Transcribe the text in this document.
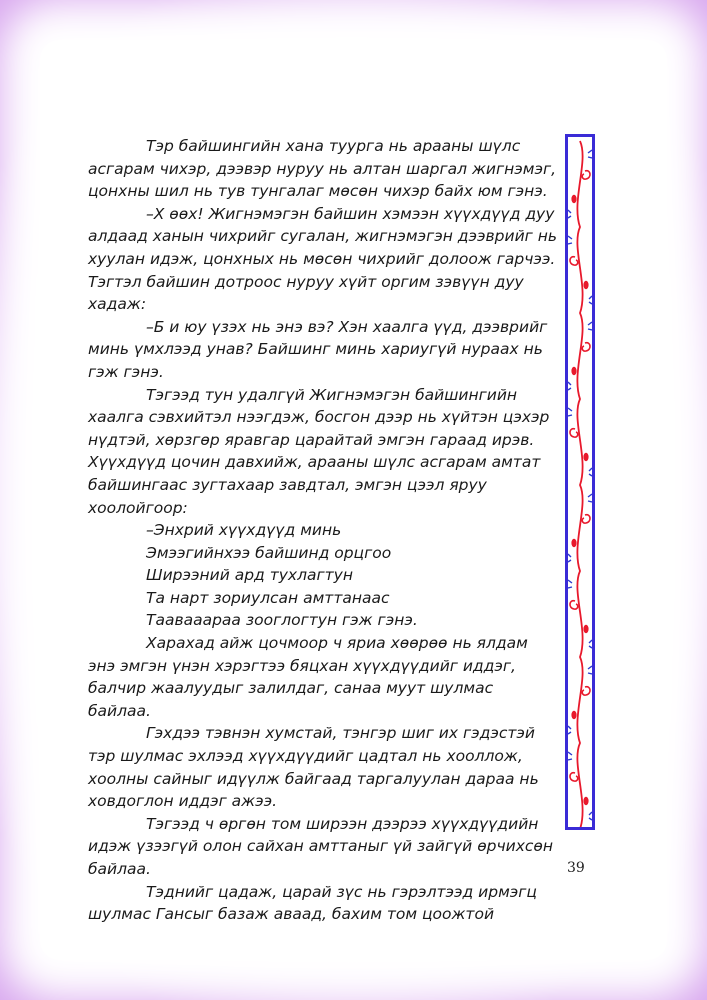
Тэр байшингийн хана туурга нь арааны шүлс
асгарам чихэр, дээвэр нуруу нь алтан шаргал жигнэмэг,
цонхны шил нь тув тунгалаг мөсөн чихэр байх юм гэнэ.
–Х өөх! Жигнэмэгэн байшин хэмээн хүүхдүүд дуу
алдаад ханын чихрийг сугалан, жигнэмэгэн дээврийг нь
хуулан идэж, цонхных нь мөсөн чихрийг долоож гарчээ.
Тэгтэл байшин дотроос нуруу хүйт оргим зэвүүн дуу
хадаж:
–Б и юу үзэх нь энэ вэ? Хэн хаалга үүд, дээврийг
минь үмхлээд унав? Байшинг минь хариугүй нураах нь
гэж гэнэ.
Тэгээд тун удалгүй Жигнэмэгэн байшингийн
хаалга сэвхийтэл нээгдэж, босгон дээр нь хүйтэн цэхэр
нүдтэй, хөрзгөр яравгар царайтай эмгэн гараад ирэв.
Хүүхдүүд цочин давхийж, арааны шүлс асгарам амтат
байшингаас зугтахаар завдтал, эмгэн цээл яруу
хоолойгоор:
–Энхрий хүүхдүүд минь
Эмээгийнхээ байшинд орцгоо
Ширээний ард тухлагтун
Та нарт зориулсан амттанаас
Таавааараа зооглогтун гэж гэнэ.
Харахад айж цочмоор ч яриа хөөрөө нь ялдам
энэ эмгэн үнэн хэрэгтээ бяцхан хүүхдүүдийг иддэг,
балчир жаалуудыг залилдаг, санаа муут шулмас
байлаа.
Гэхдээ тэвнэн хумстай, тэнгэр шиг их гэдэстэй
тэр шулмас эхлээд хүүхдүүдийг цадтал нь хооллож,
хоолны сайныг идүүлж байгаад таргалуулан дараа нь
ховдоглон иддэг ажээ.
Тэгээд ч өргөн том ширээн дээрээ хүүхдүүдийн
идэж үзээгүй олон сайхан амттаныг үй зайгүй өрчихсөн
байлаа.
Тэднийг цадаж, царай зүс нь гэрэлтээд ирмэгц
шулмас Гансыг базаж аваад, бахим том цоожтой
39
